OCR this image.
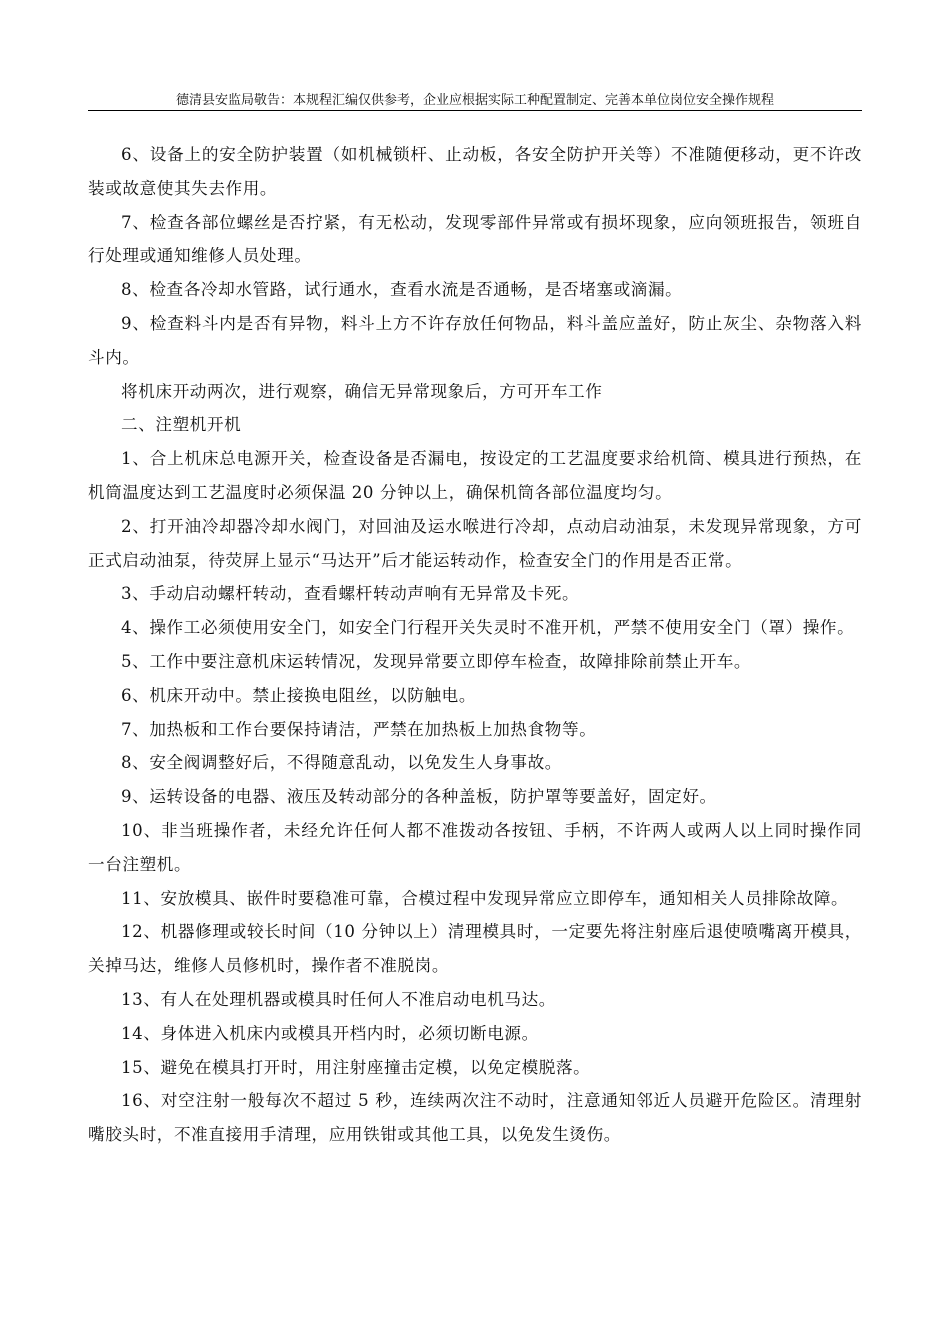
德清县安监局敬告：本规程汇编仅供参考，企业应根据实际工种配置制定、完善本单位岗位安全操作规程

6、设备上的安全防护装置（如机械锁杆、止动板，各安全防护开关等）不准随便移动，更不许改装或故意使其失去作用。

7、检查各部位螺丝是否拧紧，有无松动，发现零部件异常或有损坏现象，应向领班报告，领班自行处理或通知维修人员处理。

8、检查各冷却水管路，试行通水，查看水流是否通畅，是否堵塞或滴漏。

9、检查料斗内是否有异物，料斗上方不许存放任何物品，料斗盖应盖好，防止灰尘、杂物落入料斗内。

将机床开动两次，进行观察，确信无异常现象后，方可开车工作

二、注塑机开机

1、合上机床总电源开关，检查设备是否漏电，按设定的工艺温度要求给机筒、模具进行预热，在机筒温度达到工艺温度时必须保温 20 分钟以上，确保机筒各部位温度均匀。

2、打开油冷却器冷却水阀门，对回油及运水喉进行冷却，点动启动油泵，未发现异常现象，方可正式启动油泵，待荧屏上显示“马达开”后才能运转动作，检查安全门的作用是否正常。

3、手动启动螺杆转动，查看螺杆转动声响有无异常及卡死。

4、操作工必须使用安全门，如安全门行程开关失灵时不准开机，严禁不使用安全门（罩）操作。

5、工作中要注意机床运转情况，发现异常要立即停车检查，故障排除前禁止开车。

6、机床开动中。禁止接换电阻丝，以防触电。

7、加热板和工作台要保持请洁，严禁在加热板上加热食物等。

8、安全阀调整好后，不得随意乱动，以免发生人身事故。

9、运转设备的电器、液压及转动部分的各种盖板，防护罩等要盖好，固定好。

10、非当班操作者，未经允许任何人都不准拨动各按钮、手柄，不许两人或两人以上同时操作同一台注塑机。

11、安放模具、嵌件时要稳准可靠，合模过程中发现异常应立即停车，通知相关人员排除故障。

12、机器修理或较长时间（10 分钟以上）清理模具时，一定要先将注射座后退使喷嘴离开模具，关掉马达，维修人员修机时，操作者不准脱岗。

13、有人在处理机器或模具时任何人不准启动电机马达。

14、身体进入机床内或模具开档内时，必须切断电源。

15、避免在模具打开时，用注射座撞击定模，以免定模脱落。

16、对空注射一般每次不超过 5 秒，连续两次注不动时，注意通知邻近人员避开危险区。清理射嘴胶头时，不准直接用手清理，应用铁钳或其他工具，以免发生烫伤。
